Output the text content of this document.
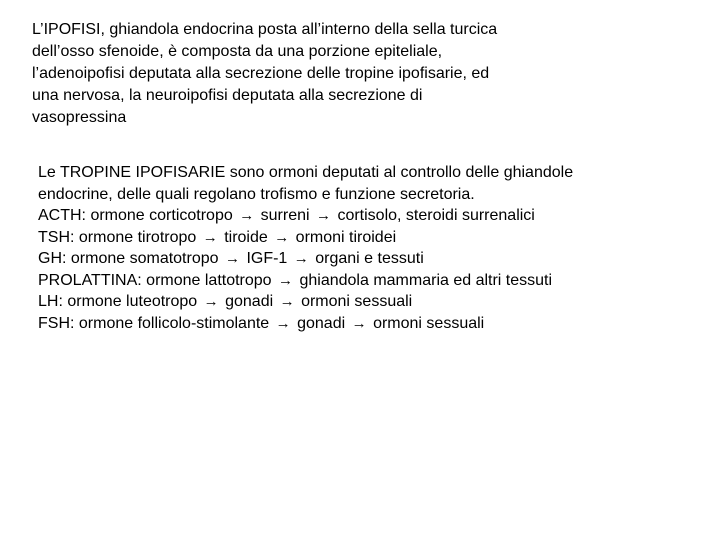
L’IPOFISI, ghiandola endocrina posta all’interno della sella turcica
dell’osso sfenoide, è composta da una porzione epiteliale,
l’adenoipofisi deputata alla secrezione delle tropine ipofisarie, ed
una nervosa, la neuroipofisi deputata alla secrezione di
vasopressina
Le TROPINE IPOFISARIE sono ormoni deputati al controllo delle ghiandole
endocrine, delle quali regolano trofismo e funzione secretoria.
ACTH: ormone corticotropo → surreni → cortisolo, steroidi surrenalici
TSH: ormone tirotropo → tiroide → ormoni tiroidei
GH: ormone somatotropo → IGF-1 → organi e tessuti
PROLATTINA: ormone lattotropo → ghiandola mammaria ed altri tessuti
LH: ormone luteotropo → gonadi → ormoni sessuali
FSH: ormone follicolo-stimolante → gonadi → ormoni sessuali
